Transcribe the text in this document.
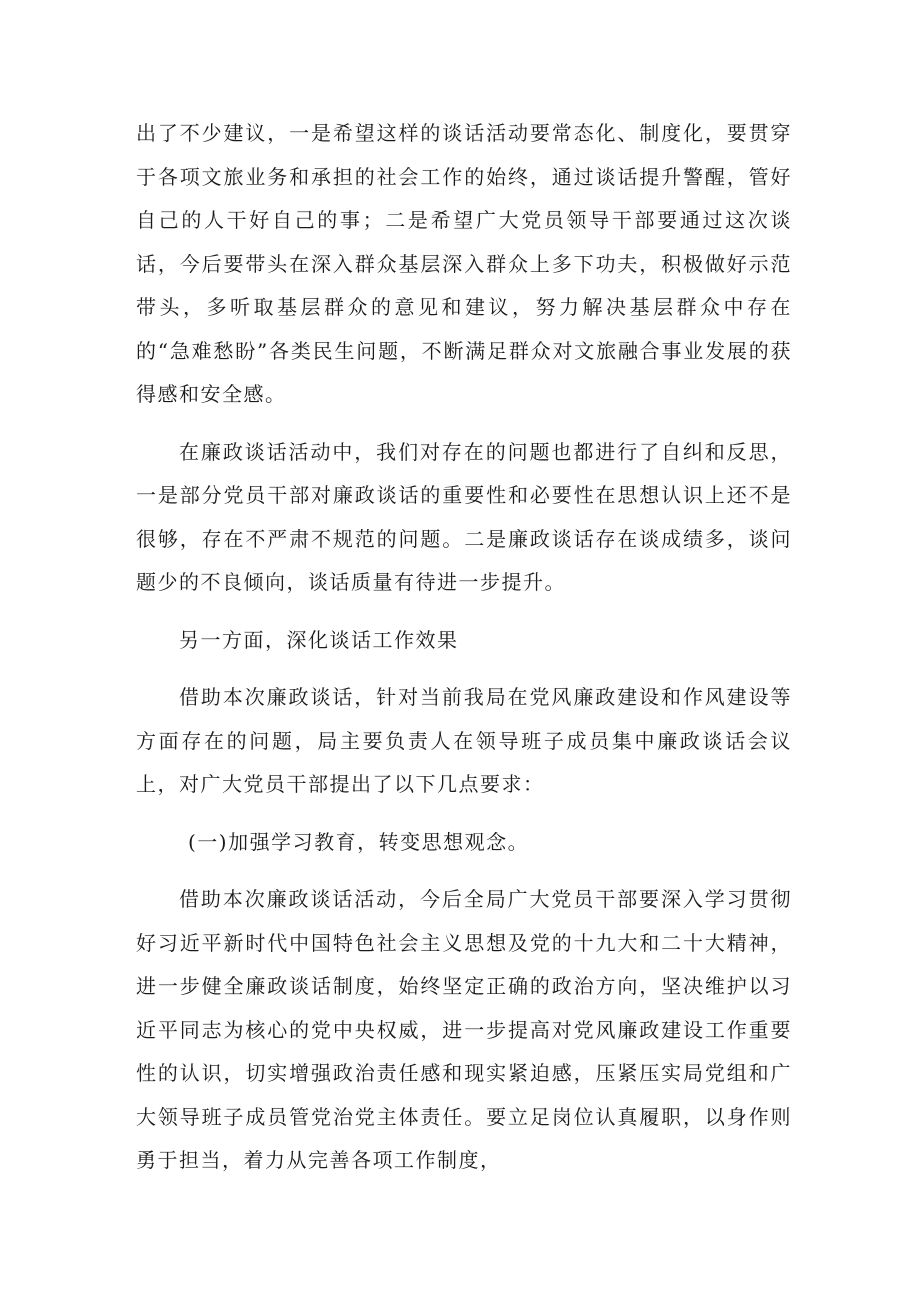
出了不少建议，一是希望这样的谈话活动要常态化、制度化，要贯穿于各项文旅业务和承担的社会工作的始终，通过谈话提升警醒，管好自己的人干好自己的事；二是希望广大党员领导干部要通过这次谈话，今后要带头在深入群众基层深入群众上多下功夫，积极做好示范带头，多听取基层群众的意见和建议，努力解决基层群众中存在的“急难愁盼”各类民生问题，不断满足群众对文旅融合事业发展的获得感和安全感。

在廉政谈话活动中，我们对存在的问题也都进行了自纠和反思，一是部分党员干部对廉政谈话的重要性和必要性在思想认识上还不是很够，存在不严肃不规范的问题。二是廉政谈话存在谈成绩多，谈问题少的不良倾向，谈话质量有待进一步提升。

另一方面，深化谈话工作效果

借助本次廉政谈话，针对当前我局在党风廉政建设和作风建设等方面存在的问题，局主要负责人在领导班子成员集中廉政谈话会议上，对广大党员干部提出了以下几点要求：

(一)加强学习教育，转变思想观念。

借助本次廉政谈话活动，今后全局广大党员干部要深入学习贯彻好习近平新时代中国特色社会主义思想及党的十九大和二十大精神，进一步健全廉政谈话制度，始终坚定正确的政治方向，坚决维护以习近平同志为核心的党中央权威，进一步提高对党风廉政建设工作重要性的认识，切实增强政治责任感和现实紧迫感，压紧压实局党组和广大领导班子成员管党治党主体责任。要立足岗位认真履职，以身作则勇于担当，着力从完善各项工作制度，
